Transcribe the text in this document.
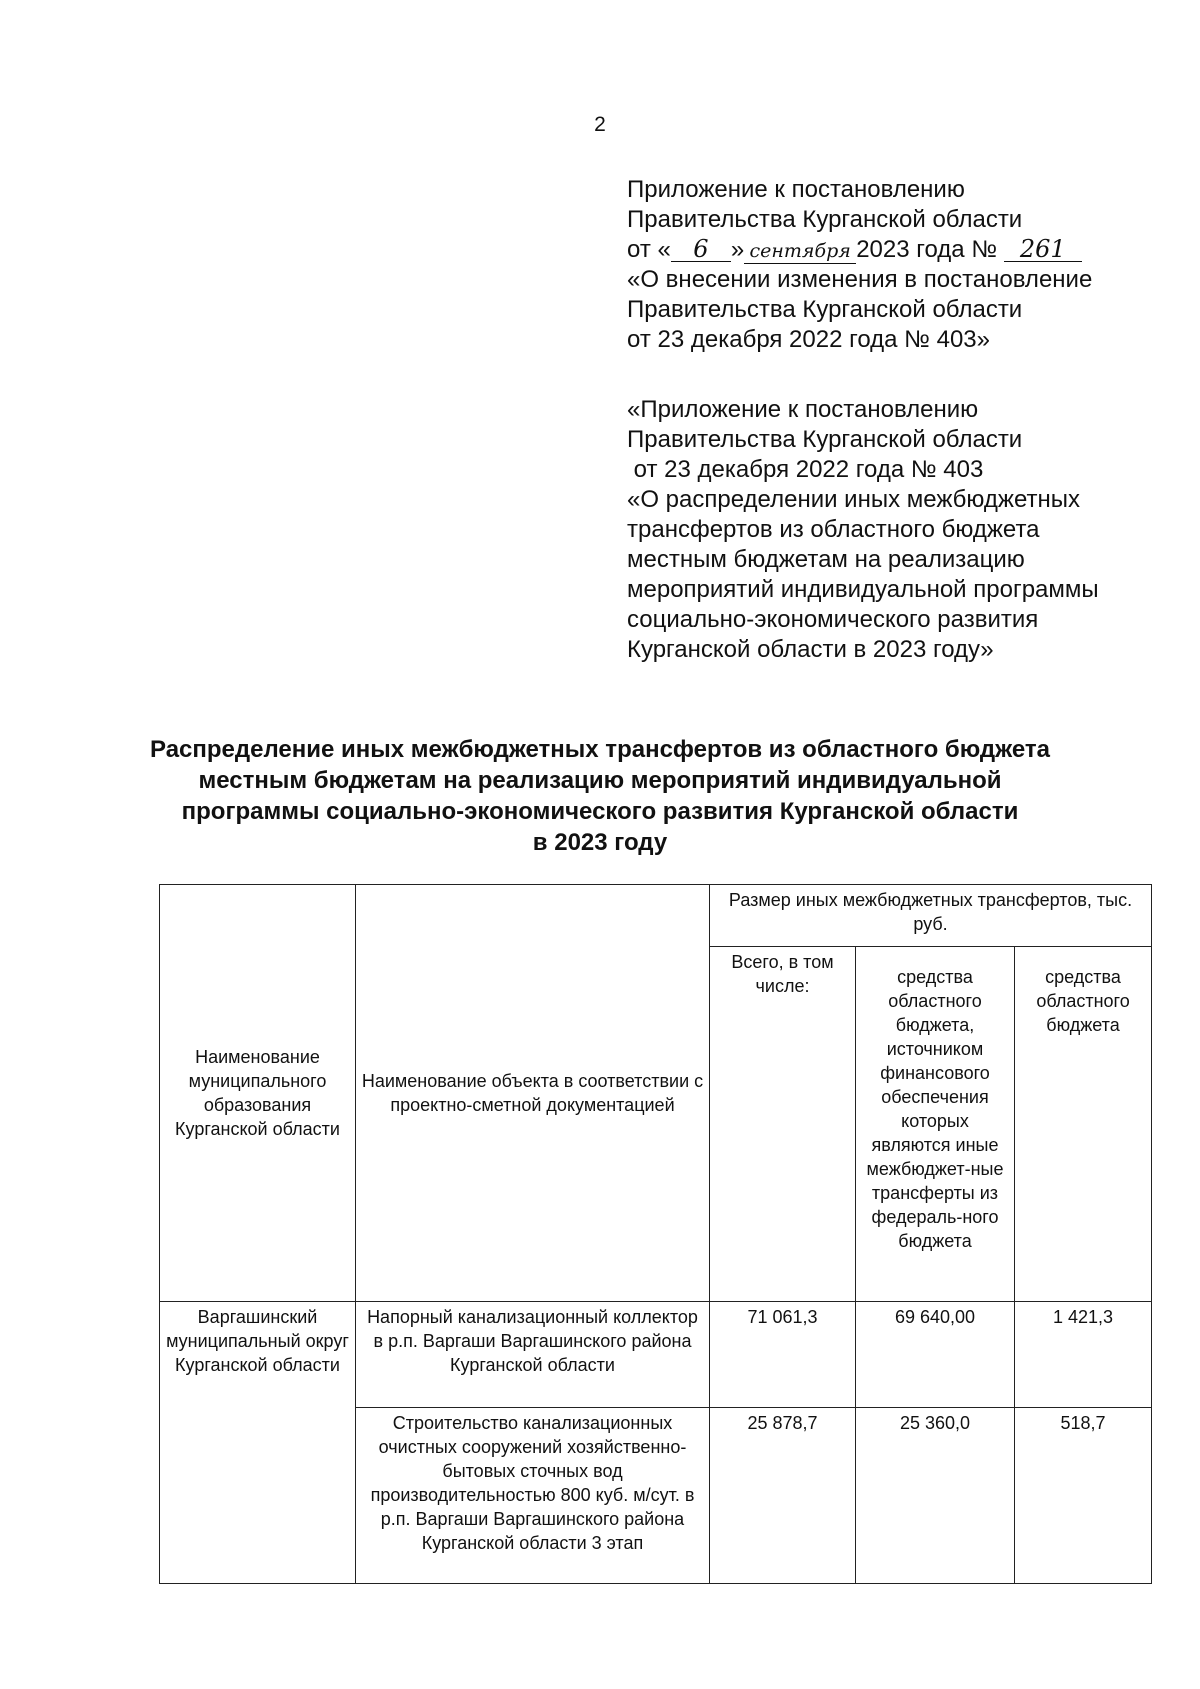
2

Приложение к постановлению

Правительства Курганской области

от « 6 » сентября 2023 года № 261

«О внесении изменения в постановление

Правительства Курганской области

от 23 декабря 2022 года № 403»

«Приложение к постановлению

Правительства Курганской области

от 23 декабря 2022 года № 403

«О распределении иных межбюджетных

трансфертов из областного бюджета

местным бюджетам на реализацию

мероприятий индивидуальной программы

социально-экономического развития

Курганской области в 2023 году»

Распределение иных межбюджетных трансфертов из областного бюджета

местным бюджетам на реализацию мероприятий индивидуальной

программы социально-экономического развития Курганской области

в 2023 году

Наименование муниципального образования Курганской области	Наименование объекта в соответствии с проектно-сметной документацией	Размер иных межбюджетных трансфертов, тыс. руб.		
		Всего, в том числе:	средства областного бюджета, источником финансового обеспечения которых являются иные межбюджет-ные трансферты из федераль-ного бюджета	средства областного бюджета
Варгашинский муниципальный округ Курганской области	Напорный канализационный коллектор в р.п. Варгаши Варгашинского района Курганской области	71 061,3	69 640,00	1 421,3
	Строительство канализационных очистных сооружений хозяйственно-бытовых сточных вод производительностью 800 куб. м/сут. в р.п. Варгаши Варгашинского района Курганской области 3 этап	25 878,7	25 360,0	518,7
